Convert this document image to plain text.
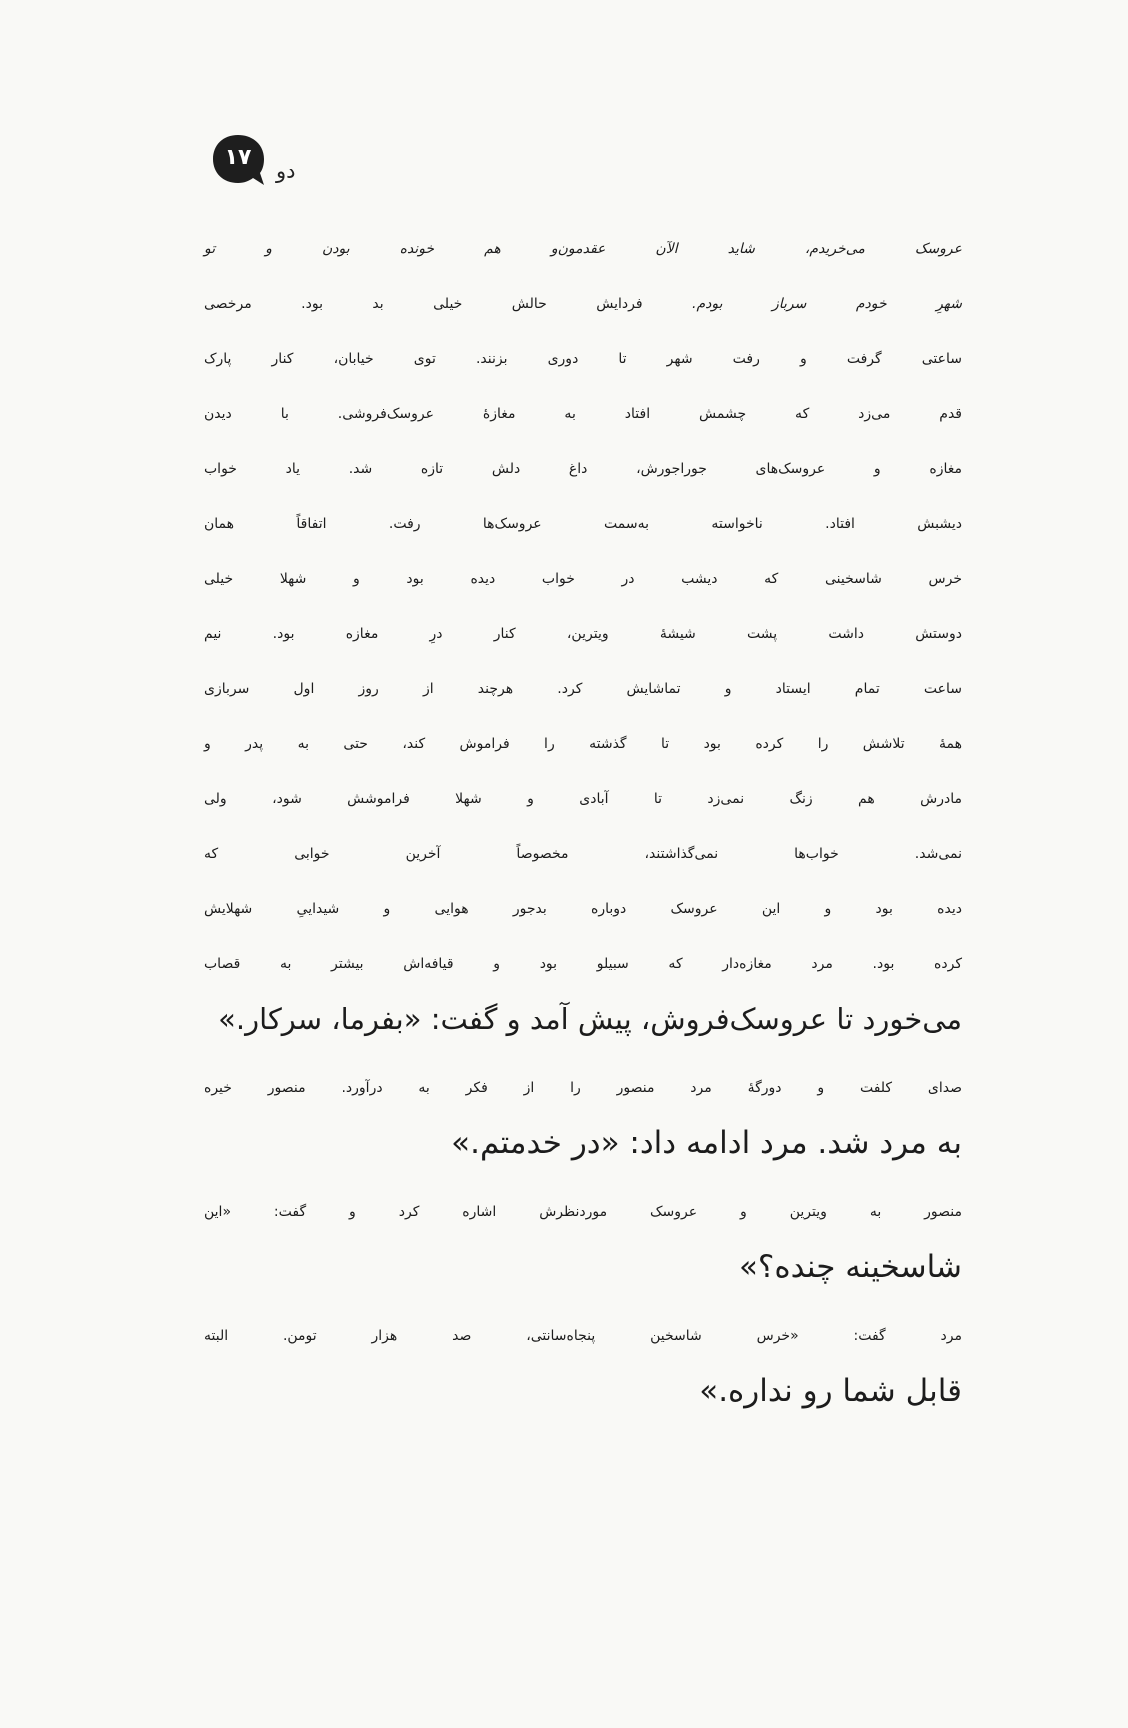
۱۷
دو
عروسک می‌خریدم، شاید الآن عقدمون‌و هم خونده بودن و تو
شهرِ خودم سرباز بودم. فردایش حالش خیلی بد بود. مرخصی
ساعتی گرفت و رفت شهر تا دوری بزنند. توی خیابان، کنار پارک
قدم می‌زد که چشمش افتاد به مغازهٔ عروسک‌فروشی. با دیدن
مغازه و عروسک‌های جوراجورش، داغ دلش تازه شد. یاد خواب
دیشبش افتاد. ناخواسته به‌سمت عروسک‌ها رفت. اتفاقاً همان
خرس شاسخینی که دیشب در خواب دیده بود و شهلا خیلی
دوستش داشت پشت شیشهٔ ویترین، کنار درِ مغازه بود. نیم
ساعت تمام ایستاد و تماشایش کرد. هرچند از روز اول سربازی
همهٔ تلاشش را کرده بود تا گذشته را فراموش کند، حتی به پدر و
مادرش هم زنگ نمی‌زد تا آبادی و شهلا فراموشش شود، ولی
نمی‌شد. خواب‌ها نمی‌گذاشتند، مخصوصاً آخرین خوابی که
دیده بود و این عروسک دوباره بدجور هوایی و شیداییِ شهلایش
کرده بود. مرد مغازه‌دار که سبیلو بود و قیافه‌اش بیشتر به قصاب
می‌خورد تا عروسک‌فروش، پیش آمد و گفت: «بفرما، سرکار.»
صدای کلفت و دورگهٔ مرد منصور را از فکر به درآورد. منصور خیره
به مرد شد. مرد ادامه داد: «در خدمتم.»
منصور به ویترین و عروسک موردنظرش اشاره کرد و گفت: «این
شاسخینه چنده؟»
مرد گفت: «خرس شاسخین پنجاه‌سانتی، صد هزار تومن. البته
قابل شما رو نداره.»
